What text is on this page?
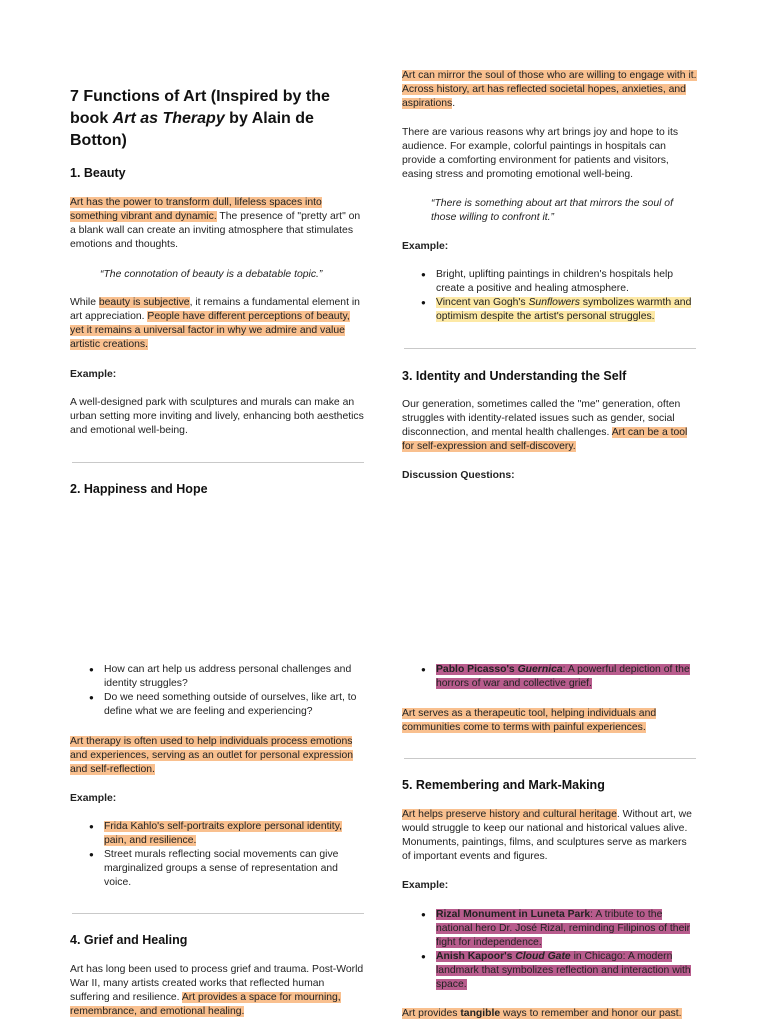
7 Functions of Art (Inspired by the
book Art as Therapy by Alain de
Botton)
1. Beauty

Art has the power to transform dull, lifeless spaces into something vibrant and dynamic. The presence of "pretty art" on a blank wall can create an inviting atmosphere that stimulates emotions and thoughts.

“The connotation of beauty is a debatable topic.”

While beauty is subjective, it remains a fundamental element in art appreciation. People have different perceptions of beauty, yet it remains a universal factor in why we admire and value artistic creations.

Example:

A well-designed park with sculptures and murals can make an urban setting more inviting and lively, enhancing both aesthetics and emotional well-being.

2. Happiness and Hope

Art can mirror the soul of those who are willing to engage with it. Across history, art has reflected societal hopes, anxieties, and aspirations.

There are various reasons why art brings joy and hope to its audience. For example, colorful paintings in hospitals can provide a comforting environment for patients and visitors, easing stress and promoting emotional well-being.

“There is something about art that mirrors the soul of those willing to confront it.”

Example:

● Bright, uplifting paintings in children's hospitals help create a positive and healing atmosphere.
● Vincent van Gogh's Sunflowers symbolizes warmth and optimism despite the artist's personal struggles.
3. Identity and Understanding the Self

Our generation, sometimes called the "me" generation, often struggles with identity-related issues such as gender, social disconnection, and mental health challenges. Art can be a tool for self-expression and self-discovery.

Discussion Questions:

● How can art help us address personal challenges and identity struggles?
● Do we need something outside of ourselves, like art, to define what we are feeling and experiencing?

Art therapy is often used to help individuals process emotions and experiences, serving as an outlet for personal expression and self-reflection.

Example:

● Frida Kahlo's self-portraits explore personal identity, pain, and resilience.
● Street murals reflecting social movements can give marginalized groups a sense of representation and voice.
4. Grief and Healing

Art has long been used to process grief and trauma. Post-World War II, many artists created works that reflected human suffering and resilience. Art provides a space for mourning, remembrance, and emotional healing.

● Pablo Picasso's Guernica: A powerful depiction of the horrors of war and collective grief.

Art serves as a therapeutic tool, helping individuals and communities come to terms with painful experiences.

5. Remembering and Mark-Making

Art helps preserve history and cultural heritage. Without art, we would struggle to keep our national and historical values alive. Monuments, paintings, films, and sculptures serve as markers of important events and figures.

Example:

● Rizal Monument in Luneta Park: A tribute to the national hero Dr. José Rizal, reminding Filipinos of their fight for independence.
● Anish Kapoor's Cloud Gate in Chicago: A modern landmark that symbolizes reflection and interaction with space.

Art provides tangible ways to remember and honor our past.
